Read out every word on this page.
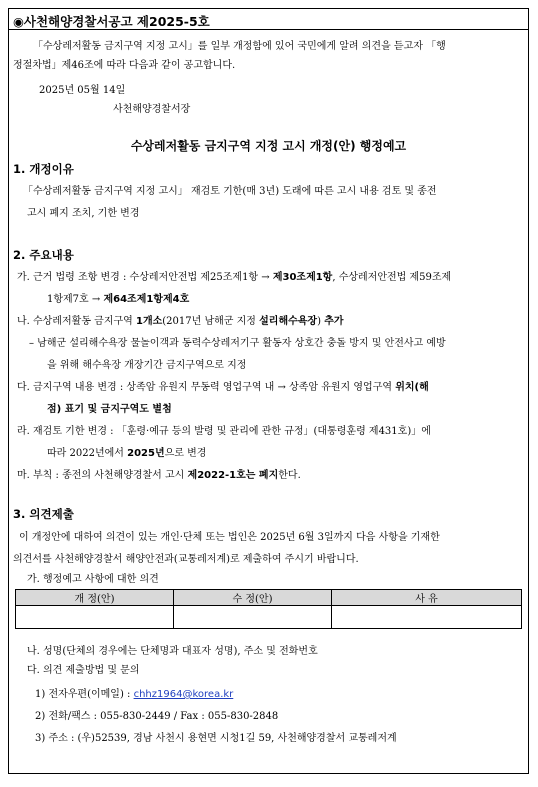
◉사천해양경찰서공고 제2025-5호
「수상레저활동 금지구역 지정 고시」를 일부 개정함에 있어 국민에게 알려 의견을 듣고자 「행
정절차법」제46조에 따라 다음과 같이 공고합니다.
2025년 05월 14일
사천해양경찰서장
수상레저활동 금지구역 지정 고시 개정(안) 행정예고
1. 개정이유
「수상레저활동 금지구역 지정 고시」 재검토 기한(매 3년) 도래에 따른 고시 내용 검토 및 종전
고시 폐지 조치, 기한 변경
2. 주요내용
가. 근거 법령 조항 변경 : 수상레저안전법 제25조제1항 → 제30조제1항, 수상레저안전법 제59조제
1항제7호 → 제64조제1항제4호
나. 수상레저활동 금지구역 1개소(2017년 남해군 지정 설리해수욕장) 추가
– 남해군 설리해수욕장 물놀이객과 동력수상레저기구 활동자 상호간 충돌 방지 및 안전사고 예방
을 위해 해수욕장 개장기간 금지구역으로 지정
다. 금지구역 내용 변경 : 상족암 유원지 무동력 영업구역 내 → 상족암 유원지 영업구역 위치(해
점) 표기 및 금지구역도 별첨
라. 재검토 기한 변경 : 「훈령·예규 등의 발령 및 관리에 관한 규정」(대통령훈령 제431호)」에
따라 2022년에서 2025년으로 변경
마. 부칙 : 종전의 사천해양경찰서 고시 제2022-1호는 폐지한다.
3. 의견제출
이 개정안에 대하여 의견이 있는 개인·단체 또는 법인은 2025년 6월 3일까지 다음 사항을 기재한
의견서를 사천해양경찰서 해양안전과(교통레저계)로 제출하여 주시기 바랍니다.
가. 행정예고 사항에 대한 의견
개 정(안)	수 정(안)	사 유

나. 성명(단체의 경우에는 단체명과 대표자 성명), 주소 및 전화번호
다. 의견 제출방법 및 문의
1) 전자우편(이메일) : chhz1964@korea.kr
2) 전화/팩스 : 055-830-2449 / Fax : 055-830-2848
3) 주소 : (우)52539, 경남 사천시 용현면 시청1길 59, 사천해양경찰서 교통레저계
